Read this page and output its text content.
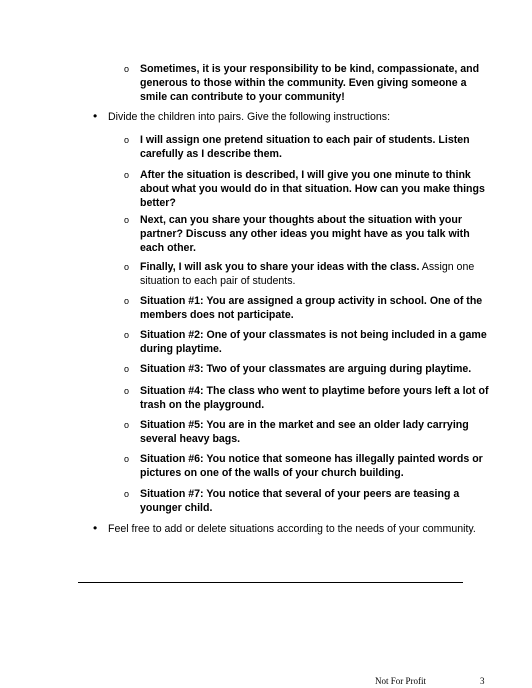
o Sometimes, it is your responsibility to be kind, compassionate, and generous to those within the community. Even giving someone a smile can contribute to your community!
• Divide the children into pairs. Give the following instructions:
o I will assign one pretend situation to each pair of students. Listen carefully as I describe them.
o After the situation is described, I will give you one minute to think about what you would do in that situation. How can you make things better?
o Next, can you share your thoughts about the situation with your partner? Discuss any other ideas you might have as you talk with each other.
o Finally, I will ask you to share your ideas with the class. Assign one situation to each pair of students.
o Situation #1: You are assigned a group activity in school. One of the members does not participate.
o Situation #2: One of your classmates is not being included in a game during playtime.
o Situation #3: Two of your classmates are arguing during playtime.
o Situation #4: The class who went to playtime before yours left a lot of trash on the playground.
o Situation #5: You are in the market and see an older lady carrying several heavy bags.
o Situation #6: You notice that someone has illegally painted words or pictures on one of the walls of your church building.
o Situation #7: You notice that several of your peers are teasing a younger child.
• Feel free to add or delete situations according to the needs of your community.
Not For Profit	3
